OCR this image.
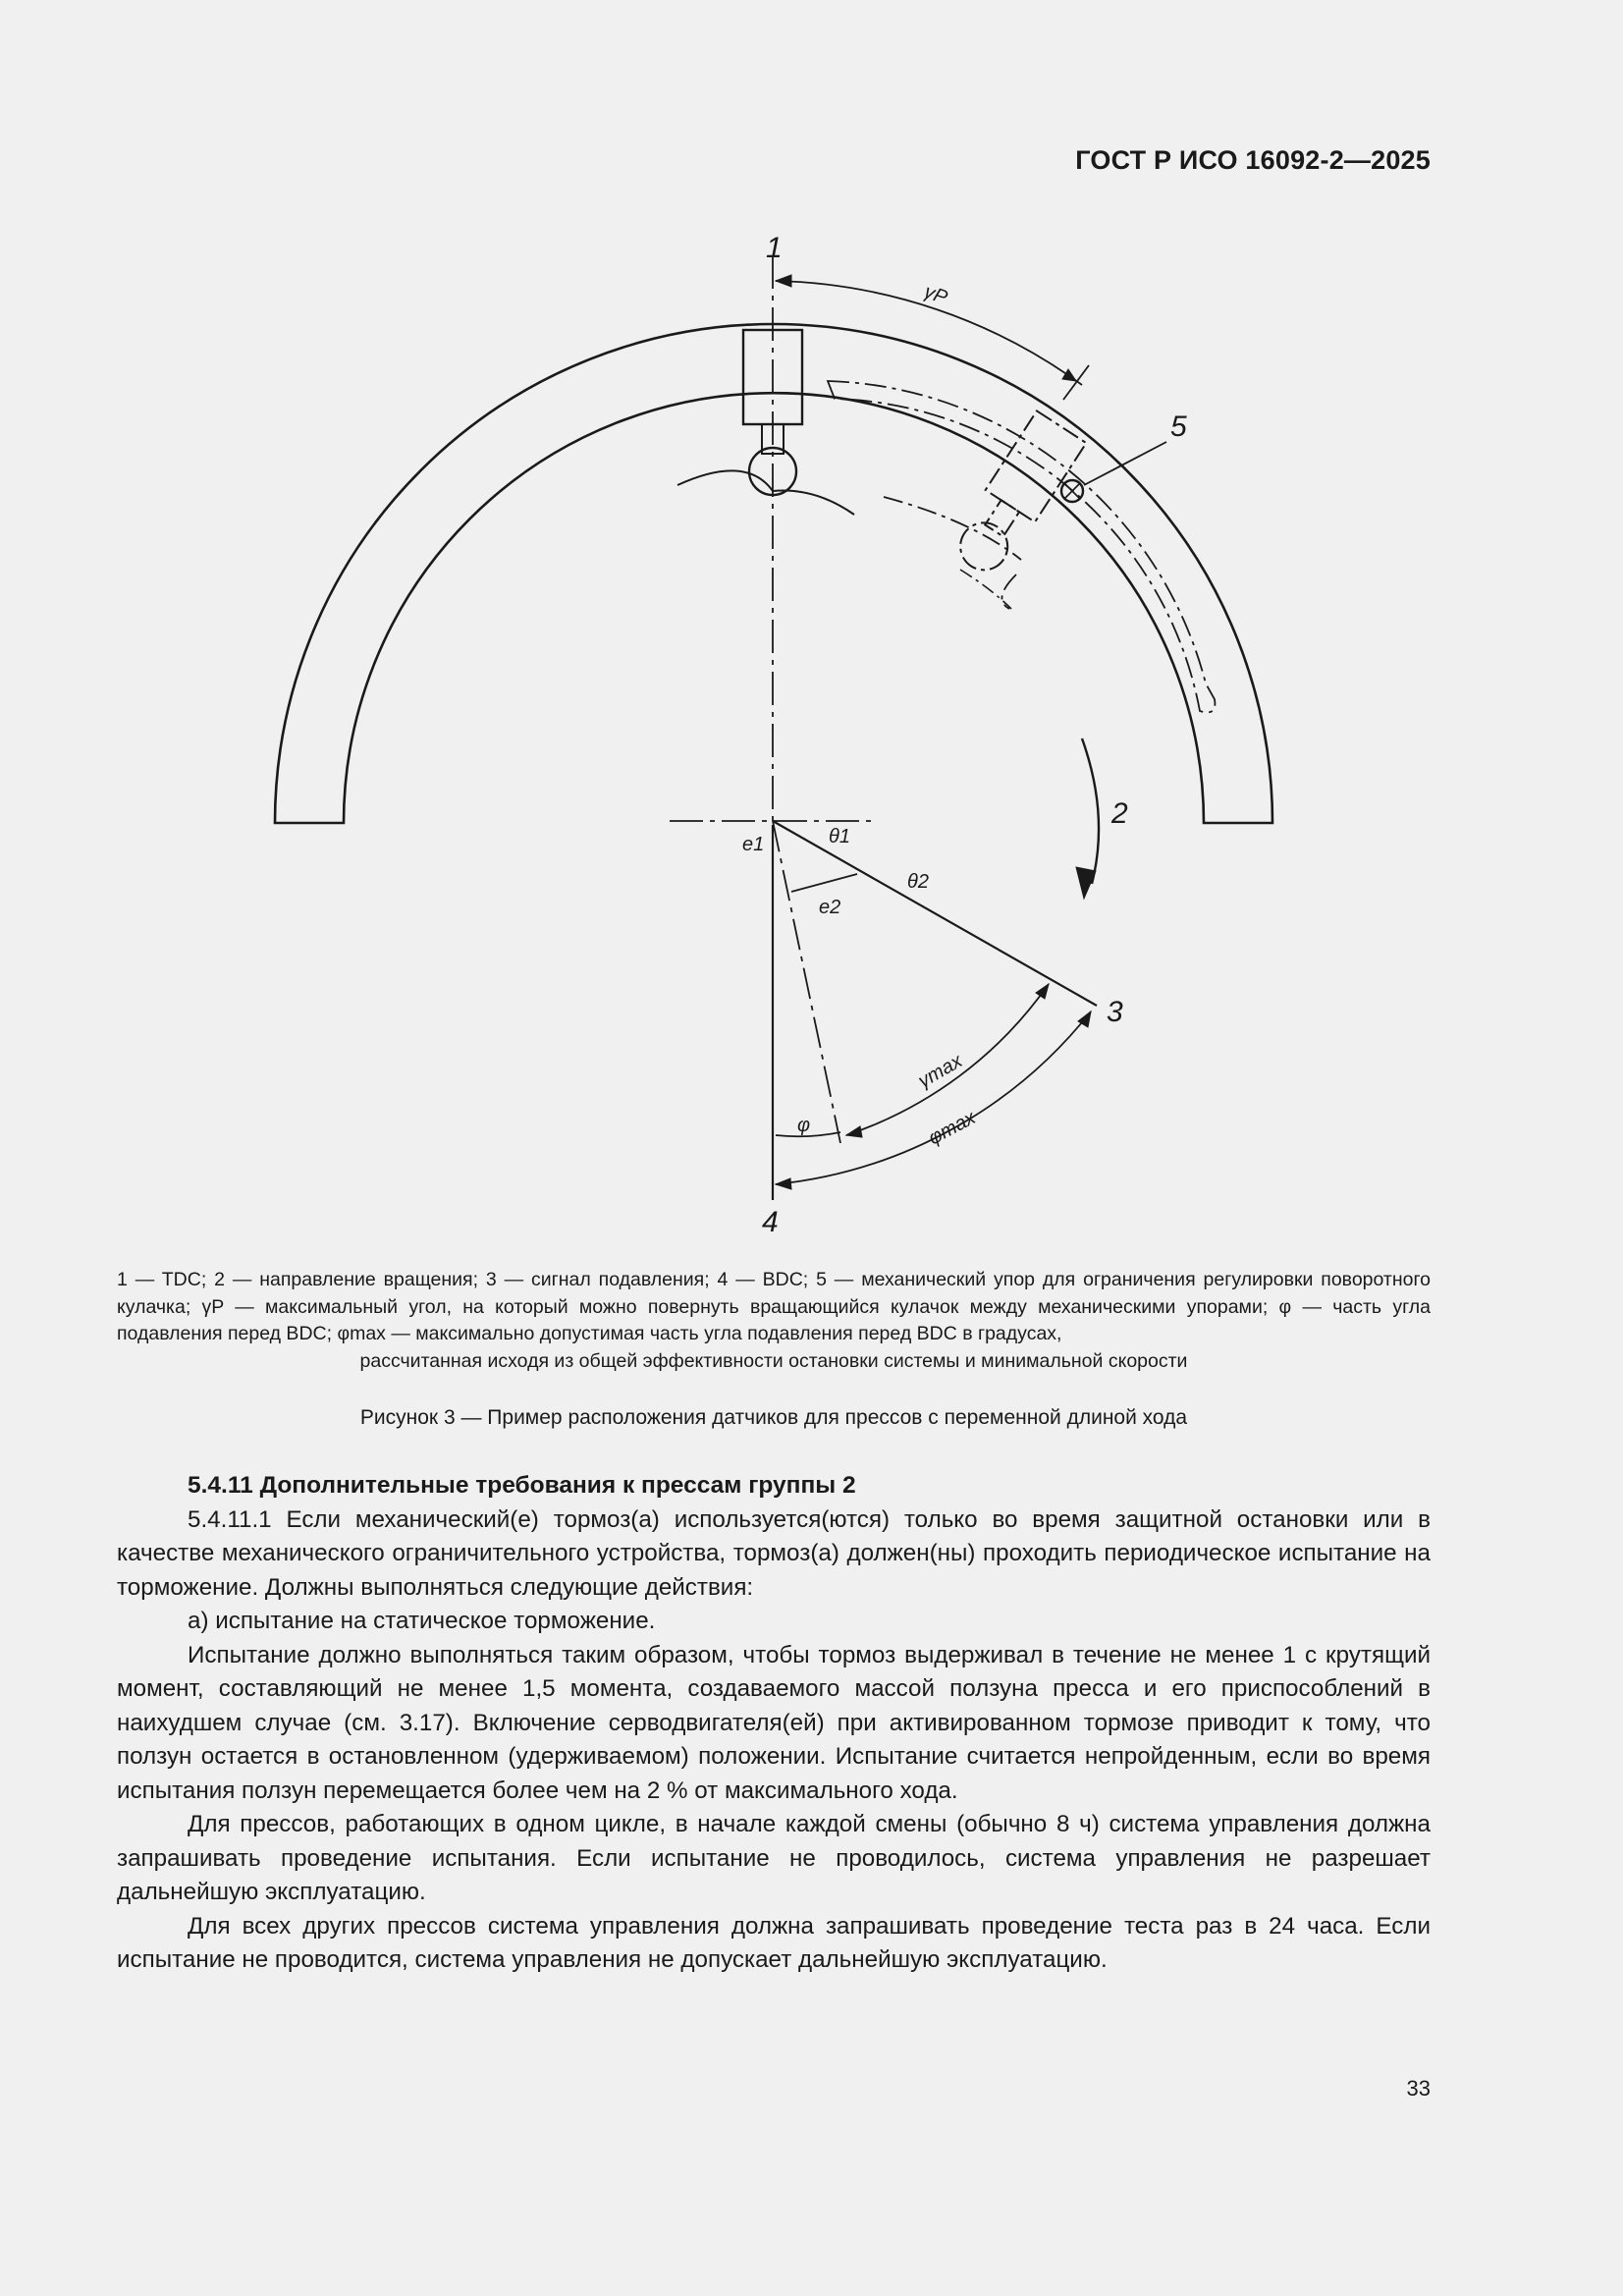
ГОСТ Р ИСО 16092-2—2025
1
2
3
4
5
γP
θ1
θ2
e1
e2
γmax
φmax
φ

1 — TDC; 2 — направление вращения; 3 — сигнал подавления; 4 — BDC; 5 — механический упор для ограничения регулировки поворотного кулачка; γP — максимальный угол, на который можно повернуть вращающийся кулачок между механическими упорами; φ — часть угла подавления перед BDC; φmax — максимально допустимая часть угла подавления перед BDC в градусах,

рассчитанная исходя из общей эффективности остановки системы и минимальной скорости

Рисунок 3 — Пример расположения датчиков для прессов с переменной длиной хода
5.4.11 Дополнительные требования к прессам группы 2

5.4.11.1 Если механический(е) тормоз(а) используется(ются) только во время защитной остановки или в качестве механического ограничительного устройства, тормоз(а) должен(ны) проходить периодическое испытание на торможение. Должны выполняться следующие действия:

а) испытание на статическое торможение.

Испытание должно выполняться таким образом, чтобы тормоз выдерживал в течение не менее 1 с крутящий момент, составляющий не менее 1,5 момента, создаваемого массой ползуна пресса и его приспособлений в наихудшем случае (см. 3.17). Включение серводвигателя(ей) при активированном тормозе приводит к тому, что ползун остается в остановленном (удерживаемом) положении. Испытание считается непройденным, если во время испытания ползун перемещается более чем на 2 % от максимального хода.

Для прессов, работающих в одном цикле, в начале каждой смены (обычно 8 ч) система управления должна запрашивать проведение испытания. Если испытание не проводилось, система управления не разрешает дальнейшую эксплуатацию.

Для всех других прессов система управления должна запрашивать проведение теста раз в 24 часа. Если испытание не проводится, система управления не допускает дальнейшую эксплуатацию.

33
